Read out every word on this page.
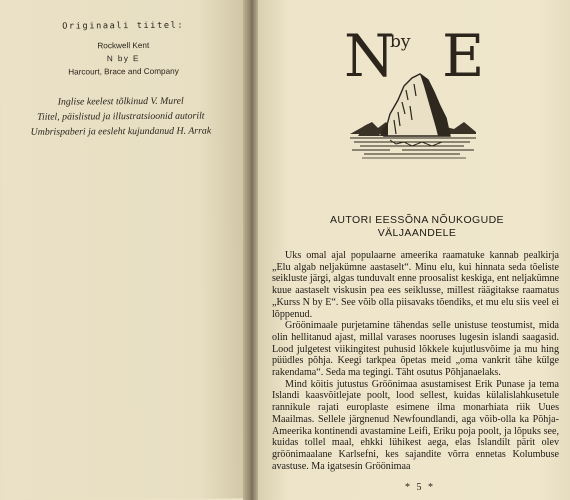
Originaali tiitel:
Rockwell Kent
N by E
Harcourt, Brace and Company
Inglise keelest tõlkinud V. Murel
Tiitel, päislistud ja illustratsioonid autorilt
Umbrispaberi ja eesleht kujundanud H. Arrak
N
by E
AUTORI EESSÕNA NÕUKOGUDE
VÄLJAANDELE

Uks omal ajal populaarne ameerika raamatuke kannab pealkirja „Elu algab neljakümne aastaselt“. Minu elu, kui hinnata seda tõeliste seikluste järgi, algas tunduvalt enne proosalist keskiga, ent neljakümne kuue aastaselt viskusin pea ees seiklusse, millest räägitakse raamatus „Kurss N by E“. See võib olla piisavaks tõendiks, et mu elu siis veel ei lõppenud.

Gröönimaale purjetamine tähendas selle unistuse teostumist, mida olin hellitanud ajast, millal varases nooruses lugesin islandi saagasid. Lood julgetest viikingitest puhusid lõkkele kujutlusvõime ja mu hing püüdles põhja. Keegi tarkpea õpetas meid „oma vankrit tähe külge rakendama“. Seda ma tegingi. Täht osutus Põhjanaelaks.

Mind köitis jutustus Gröönimaa asustamisest Erik Punase ja tema Islandi kaasvõitlejate poolt, lood sellest, kuidas külalislahkusetule rannikule rajati europlaste esimene ilma monarhiata riik Uues Maailmas. Sellele järgnenud Newfoundlandi, aga võib-olla ka Põhja-Ameerika kontinendi avastamine Leifi, Eriku poja poolt, ja lõpuks see, kuidas tollel maal, ehkki lühikest aega, elas Islandilt pärit olev gröönimaalane Karlsefni, kes sajandite võrra ennetas Kolumbuse avastuse. Ma igatsesin Gröönimaa

* 5 *
